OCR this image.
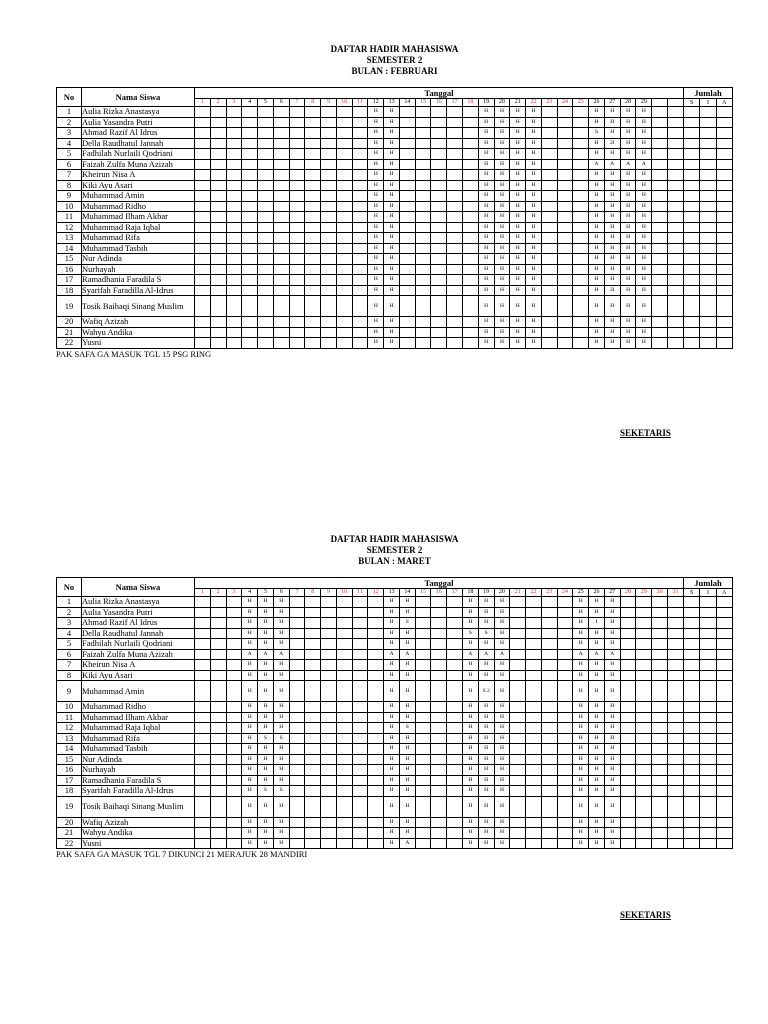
DAFTAR HADIR MAHASISWA
SEMESTER 2
BULAN : FEBRUARI
No	Nama Siswa	Tanggal																															Jumlah		
		1	2	3	4	5	6	7	8	9	10	11	12	13	14	15	16	17	18	19	20	21	22	23	24	25	26	27	28	29			S	I	A
1	Aulia Rizka Anastasya												H	H						H	H	H	H				H	H	H	H					
2	Aulia Yasandra Putri												H	H						H	H	H	H				H	H	H	H					
3	Ahmad Razif Al Idrus												H	H						H	H	H	H				S	H	H	H					
4	Della Raudhatul Jannah												H	H						H	H	H	H				H	2I	H	H					
5	Fadhilah Nurlaili Qodriani												H	H						H	H	H	H				H	H	H	H					
6	Faizah Zulfa Muna Azizah												H	H						H	H	H	H				A	A	A	A					
7	Kheirun Nisa A												H	H						H	H	H	H				H	H	H	H					
8	Kiki Ayu Asari												H	H						H	H	H	H				H	H	H	H					
9	Muhammad Amin												H	H						H	H	H	H				H	H	H	H					
10	Muhammad Ridho												H	H						H	H	H	H				H	H	H	H					
11	Muhammad Ilham Akbar												H	H						H	H	H	H				H	H	H	H					
12	Muhammad Raja Iqbal												H	H						H	H	H	H				H	H	H	H					
13	Muhammad Rifa												H	H						H	H	H	H				H	H	H	H					
14	Muhammad Tasbih												H	H						H	H	H	H				H	H	H	H					
15	Nur Adinda												H	H						H	H	H	H				H	H	H	H					
16	Nurhayah												H	H						H	H	H	H				H	H	H	H					
17	Ramadhania Faradila S												H	H						H	H	H	H				H	H	H	H					
18	Syarifah Faradilla Al-Idrus												H	H						H	H	H	H				H	2I	H	H					
19	Tosik Baihaqi Sinang Muslim												H	H						H	H	H	H				H	H	H	H					
20	Wafiq Azizah												H	H						H	H	H	H				H	H	H	H					
21	Wahyu Andika												H	H						H	H	H	H				H	H	H	H					
22	Yusni												H	H						H	H	H	H				H	H	H	H					
PAK SAFA GA MASUK TGL 15 PSG RING
SEKETARIS
DAFTAR HADIR MAHASISWA
SEMESTER 2
BULAN : MARET
No	Nama Siswa	Tanggal																															Jumlah		
		1	2	3	4	5	6	7	8	9	10	11	12	13	14	15	16	17	18	19	20	21	22	23	24	25	26	27	28	29	30	31	S	I	A
1	Aulia Rizka Anastasya				H	H	H							H	H				H	H	H					H	H	H							
2	Aulia Yasandra Putri				H	H	H							H	H				H	H	H					H	H	H							
3	Ahmad Razif Al Idrus				H	H	H							H	S				H	H	H					H	I	H							
4	Della Raudhatul Jannah				H	H	H							H	H				S	S	H					H	H	H							
5	Fadhilah Nurlaili Qodriani				H	H	H							H	H				H	H	H					H	H	H							
6	Faizah Zulfa Muna Azizah				A	A	A							A	A				A	A	A					A	A	A							
7	Kheirun Nisa A				H	H	H							H	H				H	H	H					H	H	H							
8	Kiki Ayu Asari				H	H	H							H	H				H	H	H					H	H	H							
9	Muhammad Amin				H	H	H							H	H				H	S 2	H					H	H	H							
10	Muhammad Ridho				H	H	H							H	H				H	H	H					H	H	H							
11	Muhammad Ilham Akbar				H	H	H							H	H				H	H	H					H	H	H							
12	Muhammad Raja Iqbal				H	H	H							H	S				H	H	H					H	H	H							
13	Muhammad Rifa				H	S	S							H	H				H	H	H					H	H	H							
14	Muhammad Tasbih				H	H	H							H	H				H	H	H					H	H	H							
15	Nur Adinda				H	H	H							H	H				H	H	H					H	H	H							
16	Nurhayah				H	H	H							H	H				H	H	H					H	H	H							
17	Ramadhania Faradila S				H	H	H							H	H				H	H	H					H	H	H							
18	Syarifah Faradilla Al-Idrus				H	S	S							H	H				H	H	H					H	H	H							
19	Tosik Baihaqi Sinang Muslim				H	H	H							H	H				H	H	H					H	H	H							
20	Wafiq Azizah				H	H	H							H	H				H	H	H					H	H	H							
21	Wahyu Andika				H	H	H							H	H				H	H	H					H	H	H							
22	Yusni				H	H	H							H	A				H	H	H					H	H	H							
PAK SAFA GA MASUK TGL 7 DIKUNCI 21 MERAJUK 28 MANDIRI
SEKETARIS
